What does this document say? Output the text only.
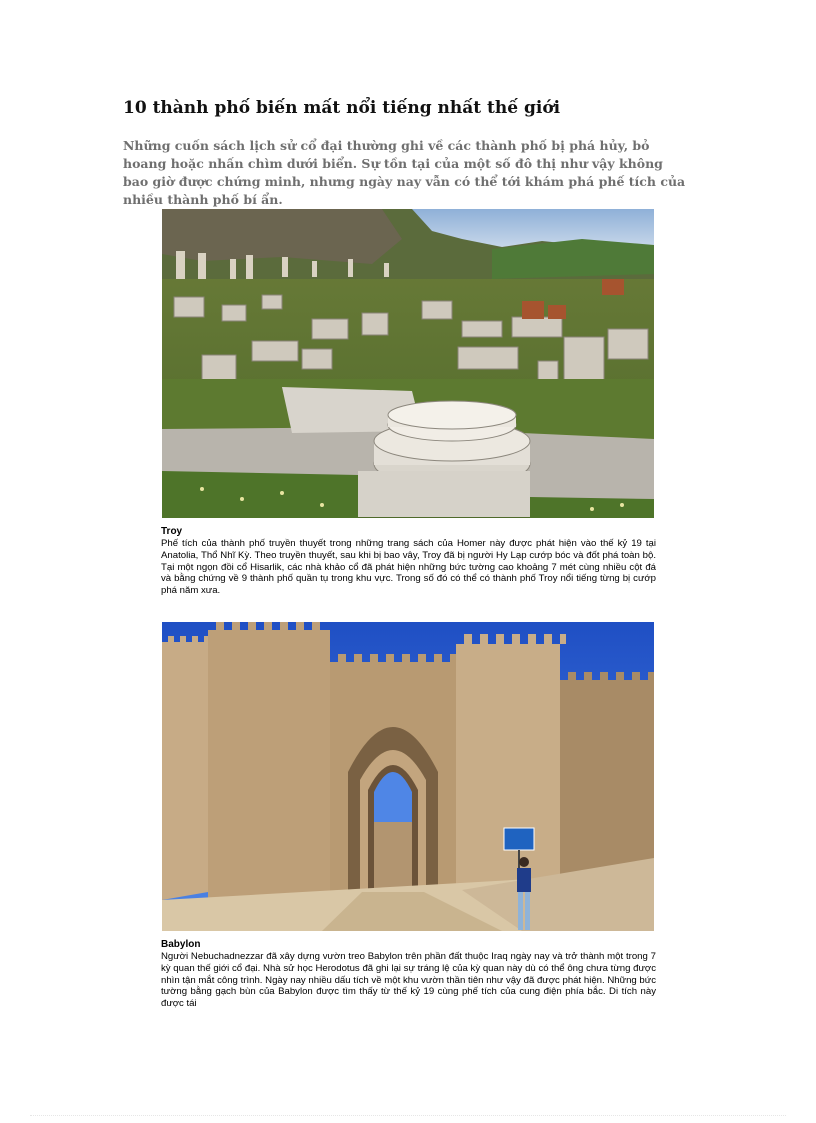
10 thành phố biến mất nổi tiếng nhất thế giới

Những cuốn sách lịch sử cổ đại thường ghi về các thành phố bị phá hủy, bỏ hoang hoặc nhấn chìm dưới biển. Sự tồn tại của một số đô thị như vậy không bao giờ được chứng minh, nhưng ngày nay vẫn có thể tới khám phá phế tích của nhiều thành phố bí ẩn.

Troy

Phế tích của thành phố truyền thuyết trong những trang sách của Homer này được phát hiện vào thế kỷ 19 tại Anatolia, Thổ Nhĩ Kỳ. Theo truyền thuyết, sau khi bị bao vây, Troy đã bị người Hy Lạp cướp bóc và đốt phá toàn bộ. Tại một ngọn đồi cổ Hisarlik, các nhà khảo cổ đã phát hiện những bức tường cao khoảng 7 mét cùng nhiều cột đá và bằng chứng về 9 thành phố quần tụ trong khu vực. Trong số đó có thể có thành phố Troy nổi tiếng từng bị cướp phá năm xưa.

Babylon

Người Nebuchadnezzar đã xây dựng vườn treo Babylon trên phần đất thuộc Iraq ngày nay và trở thành một trong 7 kỳ quan thế giới cổ đại. Nhà sử học Herodotus đã ghi lại sự tráng lệ của kỳ quan này dù có thể ông chưa từng được nhìn tận mắt công trình. Ngày nay nhiều dấu tích về một khu vườn thần tiên như vậy đã được phát hiện. Những bức tường bằng gạch bùn của Babylon được tìm thấy từ thế kỷ 19 cùng phế tích của cung điện phía bắc. Di tích này được tái
